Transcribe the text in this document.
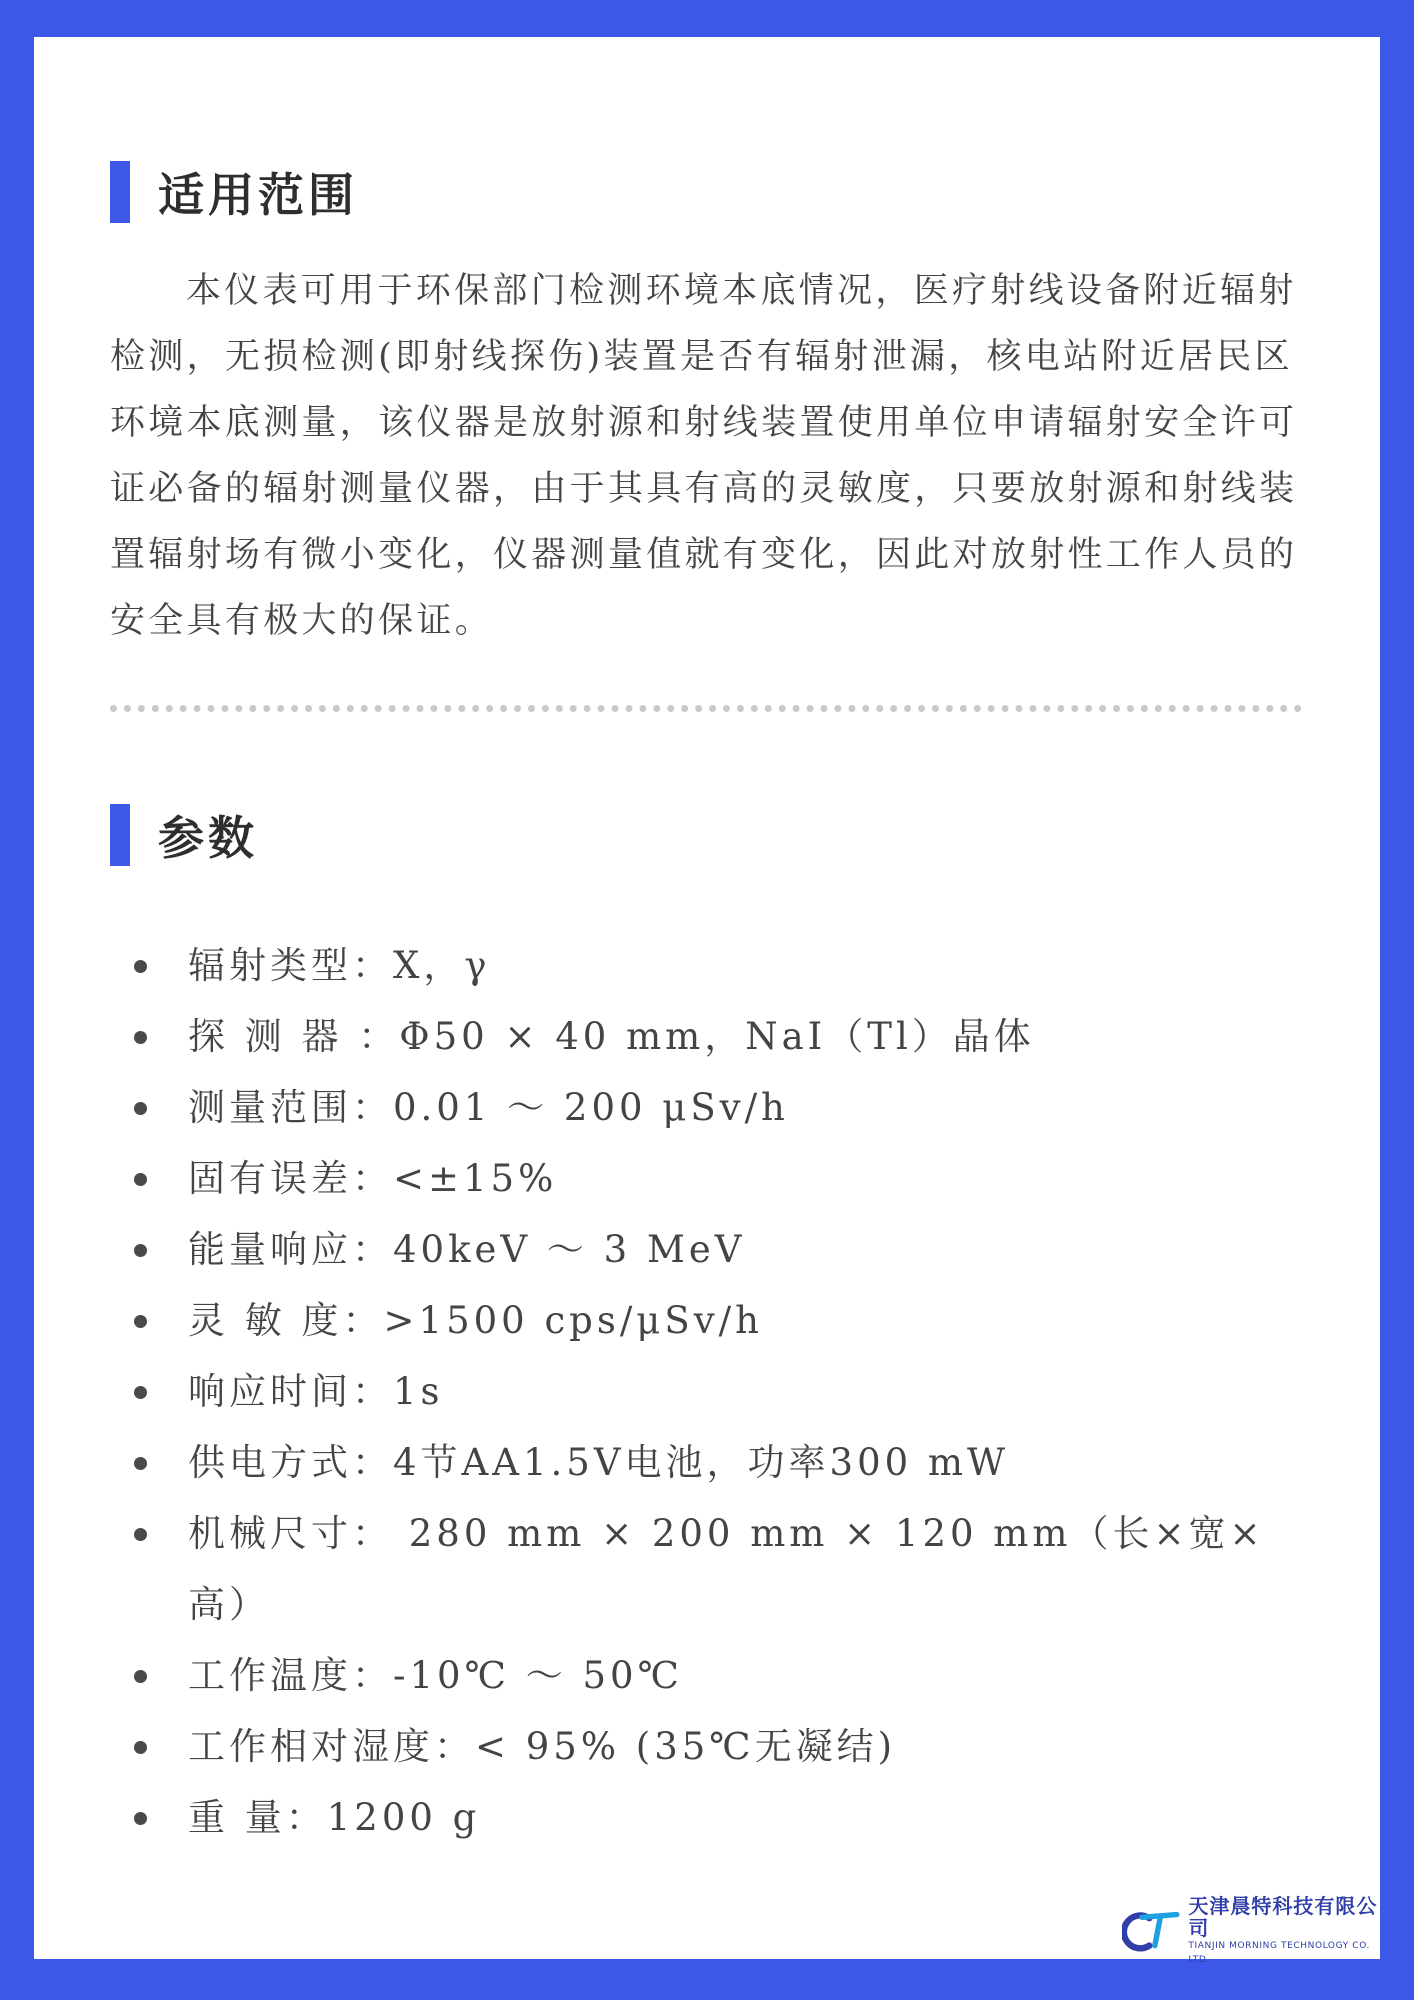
适用范围

本仪表可用于环保部门检测环境本底情况，医疗射线设备附近辐射检测，无损检测(即射线探伤)装置是否有辐射泄漏，核电站附近居民区环境本底测量，该仪器是放射源和射线装置使用单位申请辐射安全许可证必备的辐射测量仪器，由于其具有高的灵敏度，只要放射源和射线装置辐射场有微小变化，仪器测量值就有变化，因此对放射性工作人员的安全具有极大的保证。

参数
辐射类型：X，γ
探 测 器 ：Φ50 × 40 mm，NaI（Tl）晶体
测量范围：0.01 ～ 200 μSv/h
固有误差：<±15%
能量响应：40keV ～ 3 MeV
灵 敏 度：>1500 cps/μSv/h
响应时间：1s
供电方式：4节AA1.5V电池，功率300 mW
机械尺寸： 280 mm × 200 mm × 120 mm（长×宽×高）
工作温度：-10℃ ～ 50℃
工作相对湿度：< 95% (35℃无凝结)
重 量：1200 g
天津晨特科技有限公司
TIANJIN MORNING TECHNOLOGY CO. LTD.
